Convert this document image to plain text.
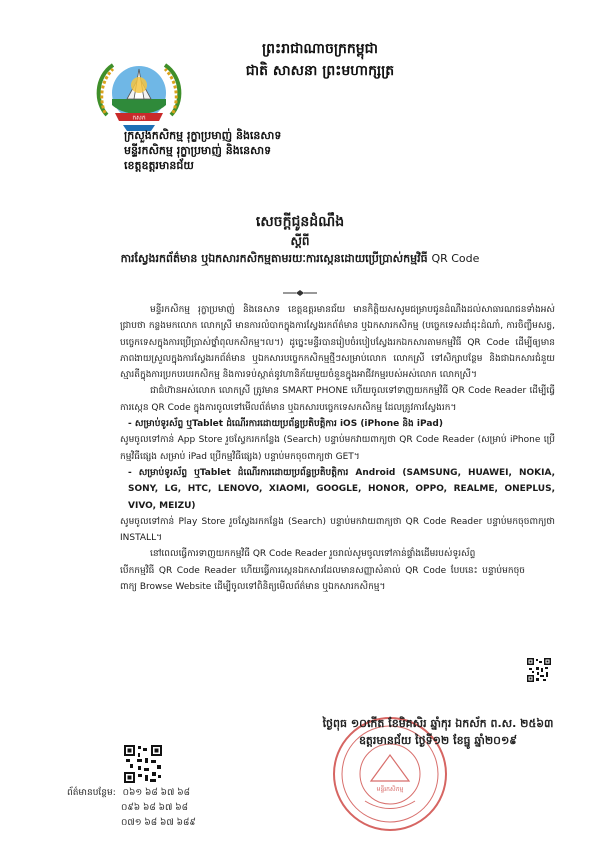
ព្រះរាជាណាចក្រកម្ពុជា
ជាតិ សាសនា ព្រះមហាក្សត្រ
កសក
ក្រសួងកសិកម្ម រុក្ខាប្រមាញ់ និងនេសាទ
មន្ទីរកសិកម្ម រុក្ខាប្រមាញ់ និងនេសាទ
ខេត្តឧត្តរមានជ័យ
សេចក្តីជូនដំណឹង
ស្តីពី
ការស្វែងរកព័ត៌មាន ឬឯកសារកសិកម្មតាមរយៈការស្កេនដោយប្រើប្រាស់កម្មវិធី QR Code

មន្ទីរកសិកម្ម រុក្ខាប្រមាញ់ និងនេសាទ ខេត្តឧត្តរមានជ័យ មានកិត្តិយសសូមជម្រាបជូនដំណឹងដល់សាធារណជនទាំងអស់ជ្រាបថា កន្លងមកលោក លោកស្រី មានការលំបាកក្នុងការស្វែងរកព័ត៌មាន ឬឯកសារកសិកម្ម (បច្ចេកទេសដាំដុះដំណាំ, ការចិញ្ចឹមសត្វ, បច្ចេកទេសក្នុងការប្រើប្រាស់ថ្នាំពុលកសិកម្ម។ល។) ដូច្នេះមន្ទីរបានរៀបចំរបៀបស្វែងរកឯកសារតាមកម្មវិធី QR Code ដើម្បីឲ្យមានភាពងាយស្រួលក្នុងការស្វែងរកព័ត៌មាន ឬឯកសារបច្ចេកកសិកម្មថ្មីៗសម្រាប់លោក លោកស្រី ទៅសិក្សាបន្ថែម និងជាឯកសារជំនួយស្មារតីក្នុងការប្រកបរបរកសិកម្ម និងការទប់ស្កាត់នូវហានិភ័យមួយចំនួនក្នុងអាជីវកម្មរបស់អស់លោក លោកស្រី។

ជាជំហ៊ានអស់លោក លោកស្រី ត្រូវមាន SMART PHONE ហើយចូលទៅទាញយកកម្មវិធី QR Code Reader ដើម្បីធ្វើការស្កេន QR Code ក្នុងការចូលទៅមើលព័ត៌មាន ឬឯកសារបច្ចេកទេសកសិកម្ម ដែលត្រូវការស្វែងរក។

- សម្រាប់ទូរស័ព្ទ ឬTablet ដំណើរការដោយប្រព័ន្ធប្រតិបត្តិការ iOS (iPhone និង iPad)

សូមចូលទៅកាន់ App Store រួចស្វែករកកន្លែង (Search) បន្ទាប់មកវាយពាក្យថា QR Code Reader (សម្រាប់ iPhone ប្រើកម្មវិធីផ្សេង សម្រាប់ iPad ប្រើកម្មវិធីផ្សេង) បន្ទាប់មកចុចពាក្យថា GET។

- សម្រាប់ទូរស័ព្ទ ឬTablet ដំណើរការដោយប្រព័ន្ធប្រតិបត្តិការ Android (SAMSUNG, HUAWEI, NOKIA, SONY, LG, HTC, LENOVO, XIAOMI, GOOGLE, HONOR, OPPO, REALME, ONEPLUS, VIVO, MEIZU)

សូមចូលទៅកាន់ Play Store រួចស្វែងរកកន្លែង (Search) បន្ទាប់មកវាយពាក្យថា QR Code Reader បន្ទាប់មកចុចពាក្យថា INSTALL។

នៅពេលធ្វើការទាញយកកម្មវិធី QR Code Reader រួចរាល់សូមចូលទៅកាន់ផ្ទាំងដើមរបស់ទូរស័ព្ទ

បើកកម្មវិធី QR Code Reader ហើយធ្វើការស្កេនឯកសារដែលមានសញ្ញាសំគាល់ QR Code បែបនេះ បន្ទាប់មកចុចពាក្យ Browse Website ដើម្បីចូលទៅពិនិត្យមើលព័ត៌មាន ឬឯកសារកសិកម្ម។

មន្ទីរកសិកម្ម
ថ្ងៃពុធ ១០កើត ខែមិគសិរ ឆ្នាំកុរ ឯកស័ក ព.ស. ២៥៦៣
ឧត្តរមានជ័យ ថ្ងៃទី១២ ខែធ្នូ ឆ្នាំ២០១៩
ព័ត៌មានបន្ថែម: ០៦១ ៦៨ ៦៧ ៦៨
០៩៦ ៦៨ ៦៧ ៦៨
០៧១ ៦៨ ៦៧ ៦៨៩
